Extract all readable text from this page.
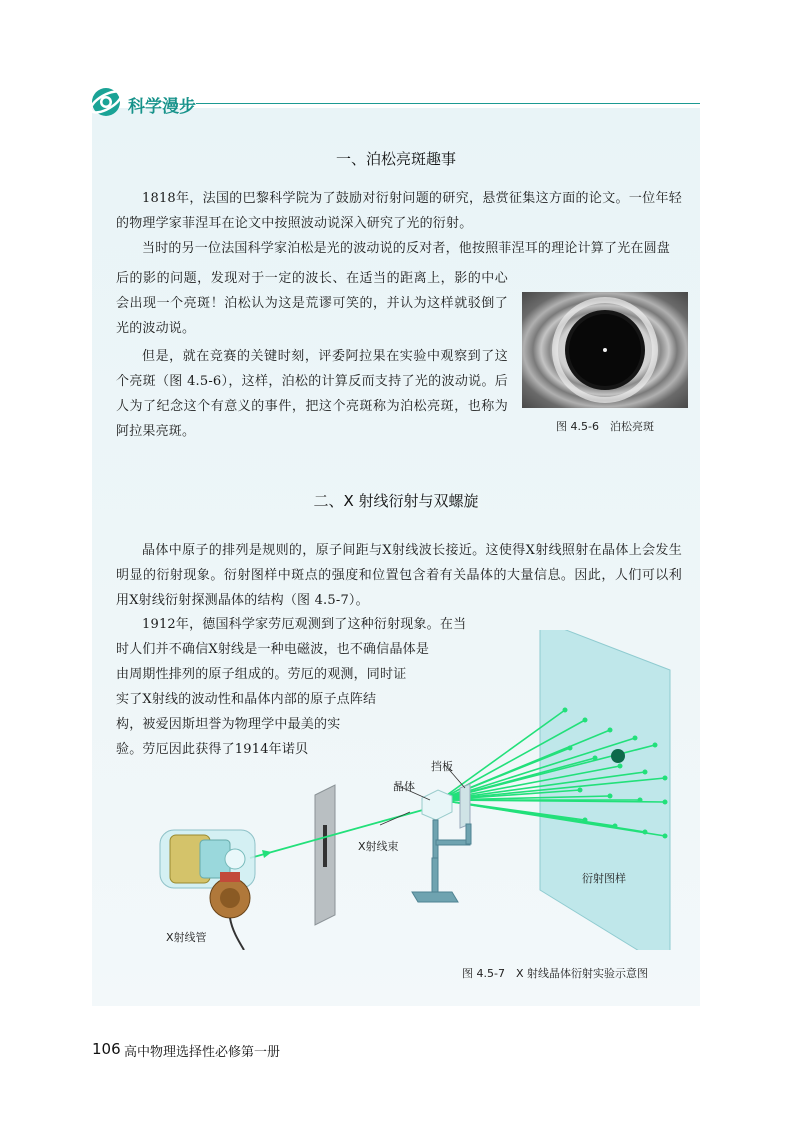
科学漫步
一、泊松亮斑趣事

1818年，法国的巴黎科学院为了鼓励对衍射问题的研究，悬赏征集这方面的论文。一位年轻的物理学家菲涅耳在论文中按照波动说深入研究了光的衍射。

当时的另一位法国科学家泊松是光的波动说的反对者，他按照菲涅耳的理论计算了光在圆盘

后的影的问题，发现对于一定的波长、在适当的距离上，影的中心会出现一个亮斑！泊松认为这是荒谬可笑的，并认为这样就驳倒了光的波动说。

但是，就在竞赛的关键时刻，评委阿拉果在实验中观察到了这个亮斑（图 4.5-6），这样，泊松的计算反而支持了光的波动说。后人为了纪念这个有意义的事件，把这个亮斑称为泊松亮斑，也称为阿拉果亮斑。	图 4.5-6　泊松亮斑
二、X 射线衍射与双螺旋

晶体中原子的排列是规则的，原子间距与X射线波长接近。这使得X射线照射在晶体上会发生明显的衍射现象。衍射图样中斑点的强度和位置包含着有关晶体的大量信息。因此，人们可以利用X射线衍射探测晶体的结构（图 4.5-7）。

1912年，德国科学家劳厄观测到了这种衍射现象。在当

时人们并不确信X射线是一种电磁波，也不确信晶体是

由周期性排列的原子组成的。劳厄的观测，同时证

实了X射线的波动性和晶体内部的原子点阵结

构，被爱因斯坦誉为物理学中最美的实

验。劳厄因此获得了1914年诺贝

X射线管
X射线束
晶体
挡板
衍射图样
图 4.5-7　X 射线晶体衍射实验示意图
106 高中物理选择性必修第一册
